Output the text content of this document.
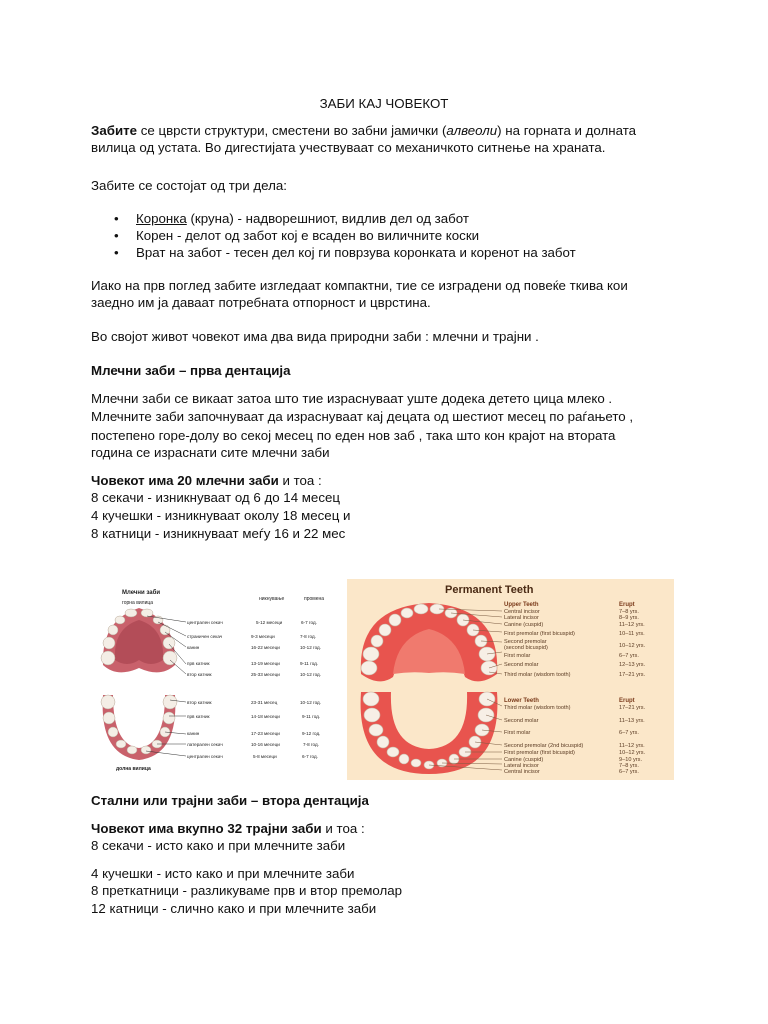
ЗАБИ КАЈ ЧОВЕКОТ
Забите се цврсти структури, сместени во забни јамички (алвеоли) на горната и долната
вилица од устата. Во дигестијата учествуваат со механичкото ситнење на храната.
Забите се состојат од три дела:
• Коронка (круна) - надворешниот, видлив дел од забот
• Корен - делот од забот кој е всаден во виличните коски
• Врат на забот - тесен дел кој ги поврзува коронката и коренот на забот
Иако на прв поглед забите изгледаат компактни, тие се изградени од повеќе ткива кои
заедно им ја даваат потребната отпорност и цврстина.
Во својот живот човекот има два вида природни заби : млечни и трајни .
Млечни заби – прва дентација
Млечни заби се викаат затоа што тие израснуваат уште додека детето цица млеко .
Млечните заби започнуваат да израснуваат кај децата од шестиот месец по раѓањето ,
постепено горе-долу во секој месец по еден нов заб , така што кон крајот на втората
година се израснати сите млечни заби
Човекот има 20 млечни заби и тоа :
8 секачи - изникнуваат од 6 до 14 месец
4 кучешки - изникнуваат околу 18 месец и
8 катници - изникнуваат меѓу 16 и 22 мес
Млечни заби
горна вилица
никнување	промена
долна вилица
централен секач	5-12 месеци	6-7 год.
страничен секач	9-3 месеци	7-8 год.
канин	16-22 месеци	10-12 год.
прв катник	13-19 месеци	9-11 год.
втор катник	25-33 месеци	10-12 год.
втор катник	23-31 месец	10-12 год.
прв катник	14-18 месеци	9-11 год.
канин	17-23 месеци	9-12 год.
латерален секач	10-16 месеци	7-8 год.
централен секач	5-8 месеци	6-7 год.
Permanent Teeth
Upper Teeth	Erupt
Lower Teeth	Erupt
Central incisor	7–8 yrs.
Lateral incisor	8–9 yrs.
Canine (cuspid)	11–12 yrs.
First premolar (first bicuspid)	10–11 yrs.
Second premolar
(second bicuspid)	10–12 yrs.
First molar	6–7 yrs.
Second molar	12–13 yrs.
Third molar (wisdom tooth)	17–21 yrs.
Third molar (wisdom tooth)	17–21 yrs.
Second molar	11–13 yrs.
First molar	6–7 yrs.
Second premolar (2nd bicuspid)	11–12 yrs.
First premolar (first bicuspid)	10–12 yrs.
Canine (cuspid)	9–10 yrs.
Lateral incisor	7–8 yrs.
Central incisor	6–7 yrs.
Стални или трајни заби – втора дентација
Човекот има вкупно 32 трајни заби и тоа :
8 секачи - исто како и при млечните заби
4 кучешки - исто како и при млечните заби
8 преткатници - разликуваме прв и втор премолар
12 катници - слично како и при млечните заби
